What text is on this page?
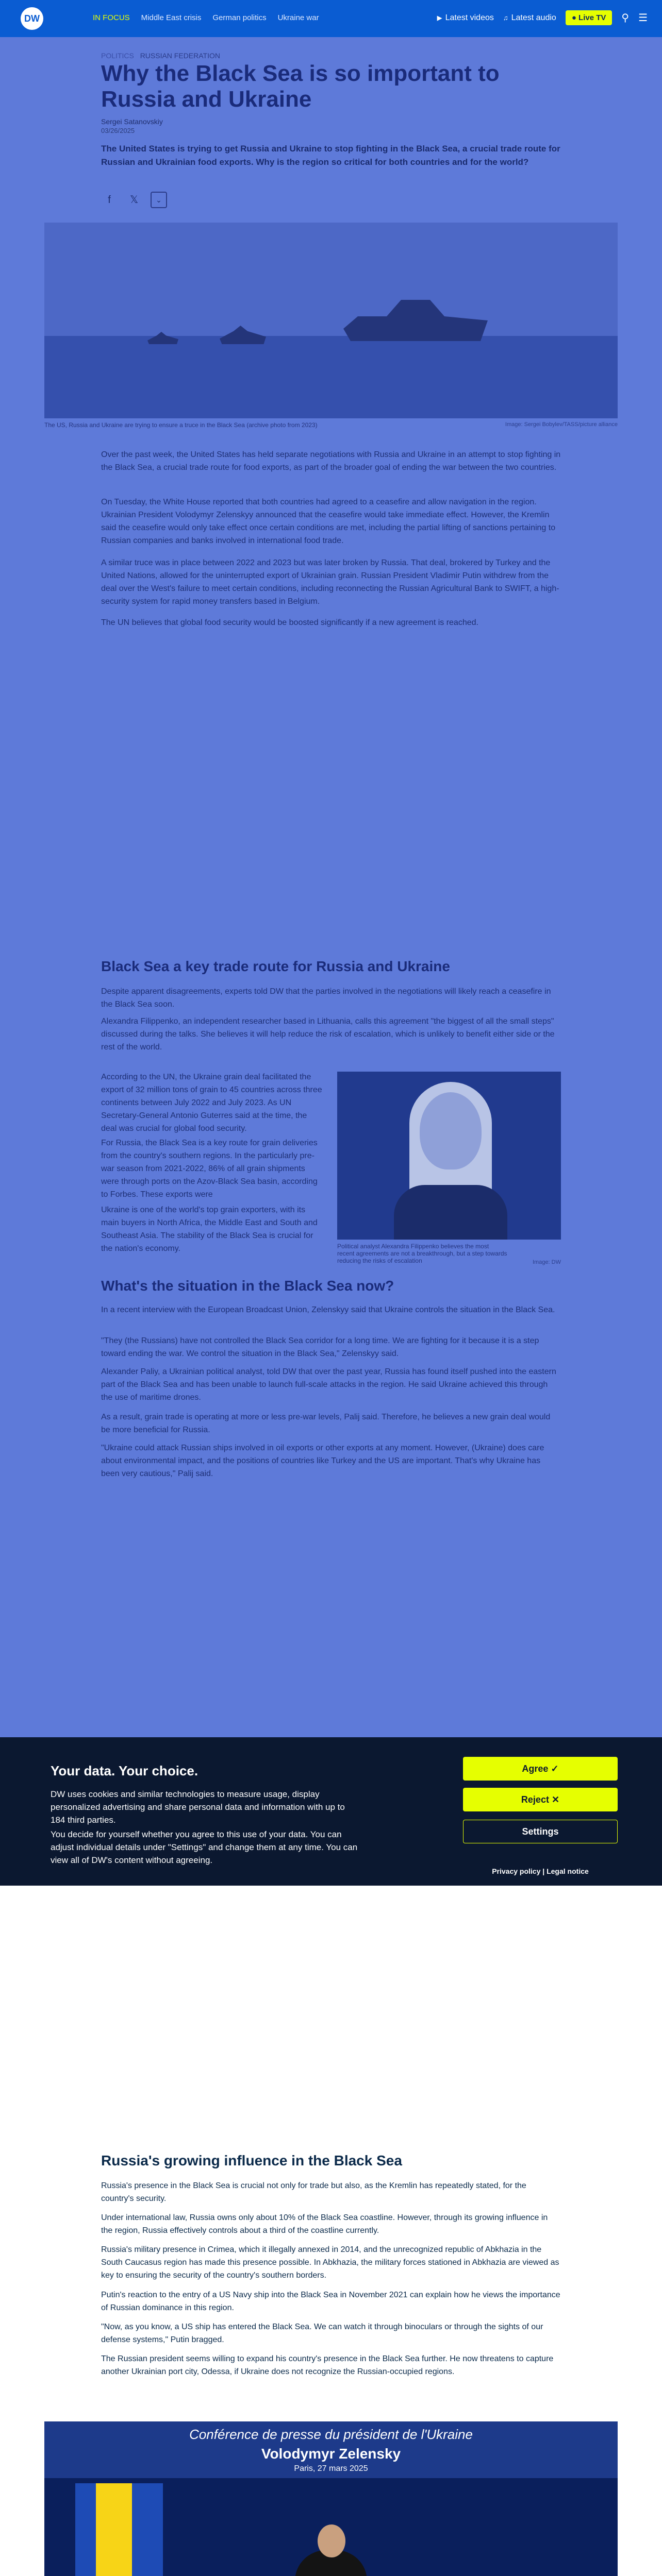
DW	IN FOCUS Middle East crisis German politics Ukraine war	▶ Latest videos ♫ Latest audio	● Live TV	⚲ ☰
POLITICS RUSSIAN FEDERATION
Why the Black Sea is so important to Russia and Ukraine
Sergei Satanovskiy
03/26/2025
The United States is trying to get Russia and Ukraine to stop fighting in the Black Sea, a crucial trade route for Russian and Ukrainian food exports. Why is the region so critical for both countries and for the world?
f	𝕏	⌄
The US, Russia and Ukraine are trying to ensure a truce in the Black Sea (archive photo from 2023)	Image: Sergei Bobylev/TASS/picture alliance
Over the past week, the United States has held separate negotiations with Russia and Ukraine in an attempt to stop fighting in the Black Sea, a crucial trade route for food exports, as part of the broader goal of ending the war between the two countries.
On Tuesday, the White House reported that both countries had agreed to a ceasefire and allow navigation in the region. Ukrainian President Volodymyr Zelenskyy announced that the ceasefire would take immediate effect. However, the Kremlin said the ceasefire would only take effect once certain conditions are met, including the partial lifting of sanctions pertaining to Russian companies and banks involved in international food trade.
A similar truce was in place between 2022 and 2023 but was later broken by Russia. That deal, brokered by Turkey and the United Nations, allowed for the uninterrupted export of Ukrainian grain. Russian President Vladimir Putin withdrew from the deal over the West's failure to meet certain conditions, including reconnecting the Russian Agricultural Bank to SWIFT, a high-security system for rapid money transfers based in Belgium.
The UN believes that global food security would be boosted significantly if a new agreement is reached.
Black Sea a key trade route for Russia and Ukraine
Despite apparent disagreements, experts told DW that the parties involved in the negotiations will likely reach a ceasefire in the Black Sea soon.
Alexandra Filippenko, an independent researcher based in Lithuania, calls this agreement "the biggest of all the small steps" discussed during the talks. She believes it will help reduce the risk of escalation, which is unlikely to benefit either side or the rest of the world.
According to the UN, the Ukraine grain deal facilitated the export of 32 million tons of grain to 45 countries across three continents between July 2022 and July 2023. As UN Secretary-General Antonio Guterres said at the time, the deal was crucial for global food security.
For Russia, the Black Sea is a key route for grain deliveries from the country's southern regions. In the particularly pre-war season from 2021-2022, 86% of all grain shipments were through ports on the Azov-Black Sea basin, according to Forbes. These exports were
Ukraine is one of the world's top grain exporters, with its main buyers in North Africa, the Middle East and South and Southeast Asia. The stability of the Black Sea is crucial for the nation's economy.	Political analyst Alexandra Filippenko believes the most recent agreements are not a breakthrough, but a step towards reducing the risks of escalation	Image: DW
What's the situation in the Black Sea now?
In a recent interview with the European Broadcast Union, Zelenskyy said that Ukraine controls the situation in the Black Sea.
"They (the Russians) have not controlled the Black Sea corridor for a long time. We are fighting for it because it is a step toward ending the war. We control the situation in the Black Sea," Zelenskyy said.
Alexander Paliy, a Ukrainian political analyst, told DW that over the past year, Russia has found itself pushed into the eastern part of the Black Sea and has been unable to launch full-scale attacks in the region. He said Ukraine achieved this through the use of maritime drones.
As a result, grain trade is operating at more or less pre-war levels, Palij said. Therefore, he believes a new grain deal would be more beneficial for Russia.
"Ukraine could attack Russian ships involved in oil exports or other exports at any moment. However, (Ukraine) does care about environmental impact, and the positions of countries like Turkey and the US are important. That's why Ukraine has been very cautious," Palij said.
Your data. Your choice.
DW uses cookies and similar technologies to measure usage, display personalized advertising and share personal data and information with up to 184 third parties.
You decide for yourself whether you agree to this use of your data. You can adjust individual details under "Settings" and change them at any time. You can view all of DW's content without agreeing.
Agree ✓
Reject ✕
Settings
Privacy policy | Legal notice
Russia's growing influence in the Black Sea
Russia's presence in the Black Sea is crucial not only for trade but also, as the Kremlin has repeatedly stated, for the country's security.
Under international law, Russia owns only about 10% of the Black Sea coastline. However, through its growing influence in the region, Russia effectively controls about a third of the coastline currently.
Russia's military presence in Crimea, which it illegally annexed in 2014, and the unrecognized republic of Abkhazia in the South Caucasus region has made this presence possible. In Abkhazia, the military forces stationed in Abkhazia are viewed as key to ensuring the security of the country's southern borders.
Putin's reaction to the entry of a US Navy ship into the Black Sea in November 2021 can explain how he views the importance of Russian dominance in this region.
"Now, as you know, a US ship has entered the Black Sea. We can watch it through binoculars or through the sights of our defense systems," Putin bragged.
The Russian president seems willing to expand his country's presence in the Black Sea further. He now threatens to capture another Ukrainian port city, Odessa, if Ukraine does not recognize the Russian-occupied regions.
Conférence de presse du président de l'Ukraine
Volodymyr Zelensky
Paris, 27 mars 2025
